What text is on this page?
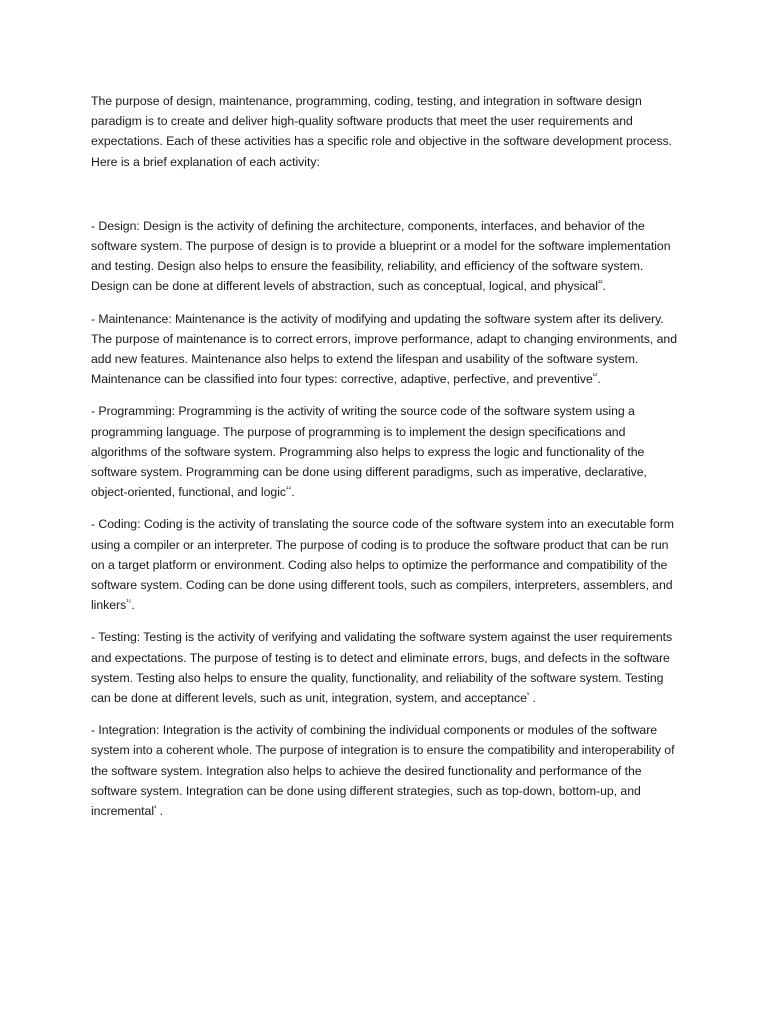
The purpose of design, maintenance, programming, coding, testing, and integration in software design paradigm is to create and deliver high-quality software products that meet the user requirements and expectations. Each of these activities has a specific role and objective in the software development process. Here is a brief explanation of each activity:

- Design: Design is the activity of defining the architecture, components, interfaces, and behavior of the software system. The purpose of design is to provide a blueprint or a model for the software implementation and testing. Design also helps to ensure the feasibility, reliability, and efficiency of the software system. Design can be done at different levels of abstraction, such as conceptual, logical, and physical$^{^{12}}$.

- Maintenance: Maintenance is the activity of modifying and updating the software system after its delivery. The purpose of maintenance is to correct errors, improve performance, adapt to changing environments, and add new features. Maintenance also helps to extend the lifespan and usability of the software system. Maintenance can be classified into four types: corrective, adaptive, perfective, and preventive$^{^{13}}$.

- Programming: Programming is the activity of writing the source code of the software system using a programming language. The purpose of programming is to implement the design specifications and algorithms of the software system. Programming also helps to express the logic and functionality of the software system. Programming can be done using different paradigms, such as imperative, declarative, object-oriented, functional, and logic$^{^{14}}$.

- Coding: Coding is the activity of translating the source code of the software system into an executable form using a compiler or an interpreter. The purpose of coding is to produce the software product that can be run on a target platform or environment. Coding also helps to optimize the performance and compatibility of the software system. Coding can be done using different tools, such as compilers, interpreters, assemblers, and linkers$^{^{15}}$.

- Testing: Testing is the activity of verifying and validating the software system against the user requirements and expectations. The purpose of testing is to detect and eliminate errors, bugs, and defects in the software system. Testing also helps to ensure the quality, functionality, and reliability of the software system. Testing can be done at different levels, such as unit, integration, system, and acceptance$^{^1}$ .

- Integration: Integration is the activity of combining the individual components or modules of the software system into a coherent whole. The purpose of integration is to ensure the compatibility and interoperability of the software system. Integration also helps to achieve the desired functionality and performance of the software system. Integration can be done using different strategies, such as top-down, bottom-up, and incremental$^{^1}$ .
